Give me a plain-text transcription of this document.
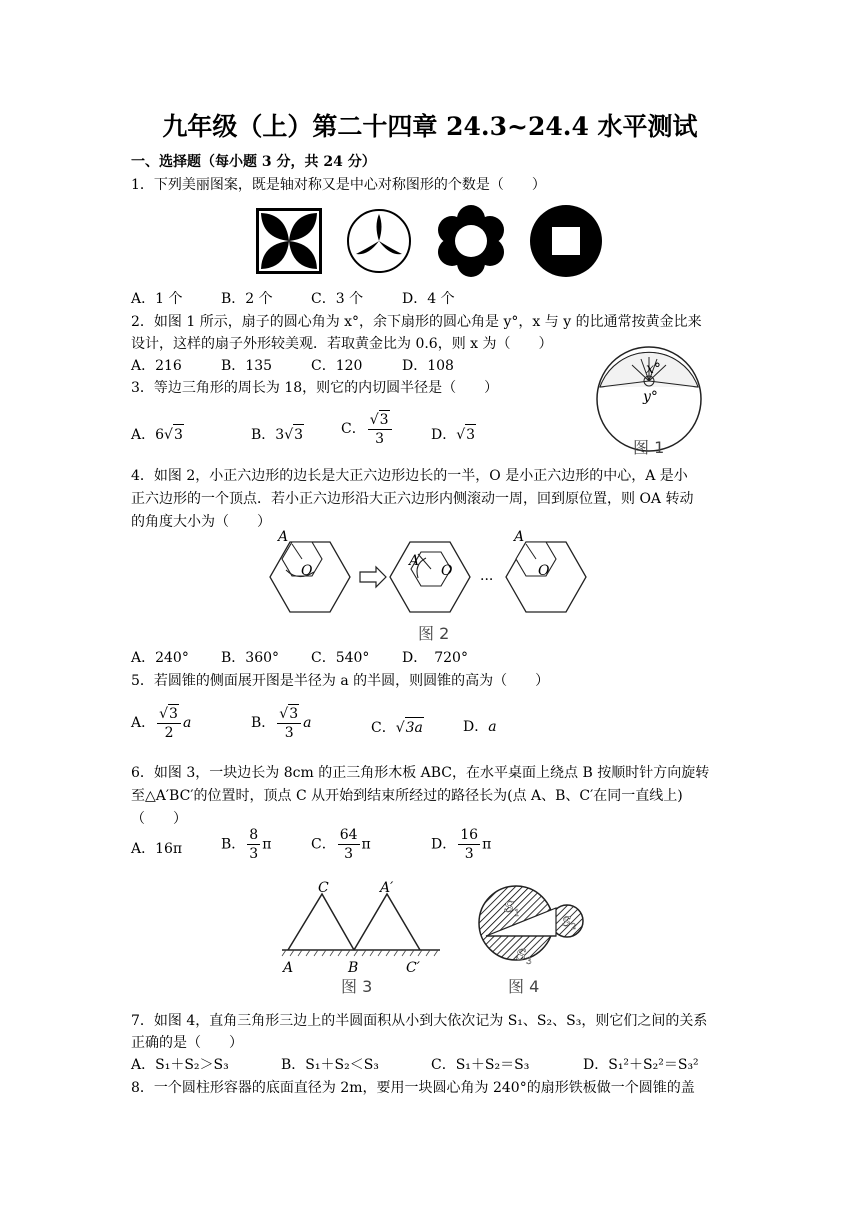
九年级（上）第二十四章 24.3~24.4 水平测试
一、选择题（每小题 3 分，共 24 分）
1．下列美丽图案，既是轴对称又是中心对称图形的个数是（　　）
A．1 个	B．2 个	C．3 个	D．4 个
2．如图 1 所示，扇子的圆心角为 x°，余下扇形的圆心角是 y°，x 与 y 的比通常按黄金比来
设计，这样的扇子外形较美观．若取黄金比为 0.6，则 x 为（　　）
A．216	B．135	C．120	D．108	x°
y°
图 1
3．等边三角形的周长为 18，则它的内切圆半径是（　　）
A．6√3	B．3√3	C． $\frac{√3}{3}$	D．√3
4．如图 2，小正六边形的边长是大正六边形边长的一半，O 是小正六边形的中心，A 是小
正六边形的一个顶点．若小正六边形沿大正六边形内侧滚动一周，回到原位置，则 OA 转动
的角度大小为（　　）
A
O
A
O
···
A
O
图 2
A．240° B．360° C．540° D．　720°
5．若圆锥的侧面展开图是半径为 a 的半圆，则圆锥的高为（　　）
A． $\frac{√3}{2}$ a	B． $\frac{√3}{3}$ a	C．√3a	D．a
6．如图 3，一块边长为 8cm 的正三角形木板 ABC，在水平桌面上绕点 B 按顺时针方向旋转
至△A′BC′的位置时，顶点 C 从开始到结束所经过的路径长为(点 A、B、C′在同一直线上)
（　　）
A．16π	B． $\frac{8}{3}$ π	C． $\frac{64}{3}$ π	D． $\frac{16}{3}$ π
C	A′
A	B	C′
图 3
S 1
S 2
S 3
图 4
7．如图 4，直角三角形三边上的半圆面积从小到大依次记为 S₁、S₂、S₃，则它们之间的关系
正确的是（　　）
A．S₁＋S₂＞S₃	B．S₁＋S₂＜S₃	C．S₁＋S₂＝S₃	D．S₁²＋S₂²＝S₃²
8．一个圆柱形容器的底面直径为 2m，要用一块圆心角为 240°的扇形铁板做一个圆锥的盖
